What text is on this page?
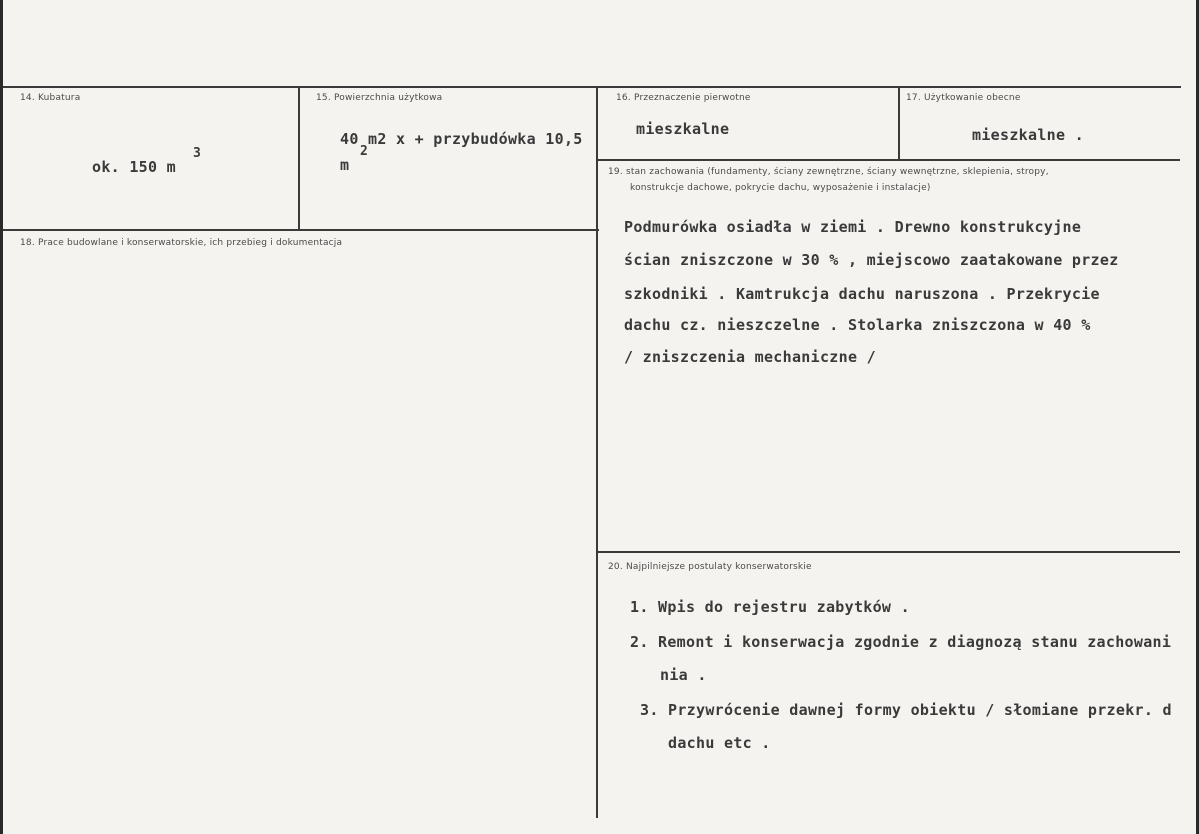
14. Kubatura
ok. 150 m
3
15. Powierzchnia użytkowa
40 m2 x + przybudówka 10,5
2
m
16. Przeznaczenie pierwotne
mieszkalne
17. Użytkowanie obecne
mieszkalne .
18. Prace budowlane i konserwatorskie, ich przebieg i dokumentacja
19. stan zachowania (fundamenty, ściany zewnętrzne, ściany wewnętrzne, sklepienia, stropy,
konstrukcje dachowe, pokrycie dachu, wyposażenie i instalacje)
Podmurówka osiadła w ziemi . Drewno konstrukcyjne
ścian zniszczone w 30 % , miejscowo zaatakowane przez
szkodniki . Kamtrukcja dachu naruszona . Przekrycie
dachu cz. nieszczelne . Stolarka zniszczona w 40 %
/ zniszczenia mechaniczne /
20. Najpilniejsze postulaty konserwatorskie
1. Wpis do rejestru zabytków .
2. Remont i konserwacja zgodnie z diagnozą stanu zachowani
nia .
3. Przywrócenie dawnej formy obiektu / słomiane przekr. d
dachu etc .
